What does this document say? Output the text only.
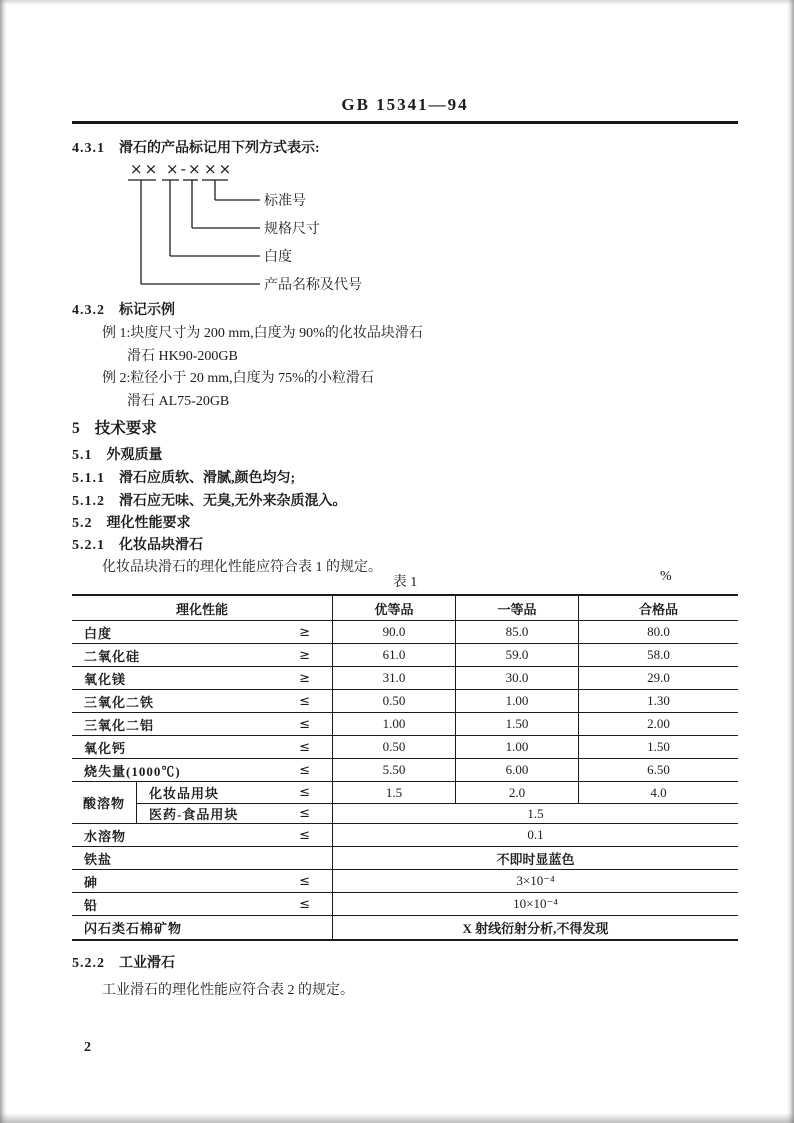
GB 15341—94
4.3.1 滑石的产品标记用下列方式表示:
×× ×-× ××
标准号
规格尺寸
白度
产品名称及代号
4.3.2 标记示例
例 1:块度尺寸为 200 mm,白度为 90%的化妆品块滑石
滑石 HK90-200GB
例 2:粒径小于 20 mm,白度为 75%的小粒滑石
滑石 AL75-20GB
5 技术要求
5.1 外观质量
5.1.1 滑石应质软、滑腻,颜色均匀;
5.1.2 滑石应无味、无臭,无外来杂质混入。
5.2 理化性能要求
5.2.1 化妆品块滑石
化妆品块滑石的理化性能应符合表 1 的规定。
表 1	%
理化性能	优等品	一等品	合格品
白度	≥	90.0	85.0	80.0
二氧化硅	≥	61.0	59.0	58.0
氧化镁	≥	31.0	30.0	29.0
三氧化二铁	≤	0.50	1.00	1.30
三氧化二铝	≤	1.00	1.50	2.00
氧化钙	≤	0.50	1.00	1.50
烧失量(1000℃)	≤	5.50	6.00	6.50
酸溶物
化妆品用块	≤	1.5	2.0	4.0
医药-食品用块	≤	1.5
水溶物	≤	0.1
铁盐	不即时显蓝色
砷	≤	3×10⁻⁴
铅	≤	10×10⁻⁴
闪石类石棉矿物	X 射线衍射分析,不得发现
5.2.2 工业滑石
工业滑石的理化性能应符合表 2 的规定。
2
